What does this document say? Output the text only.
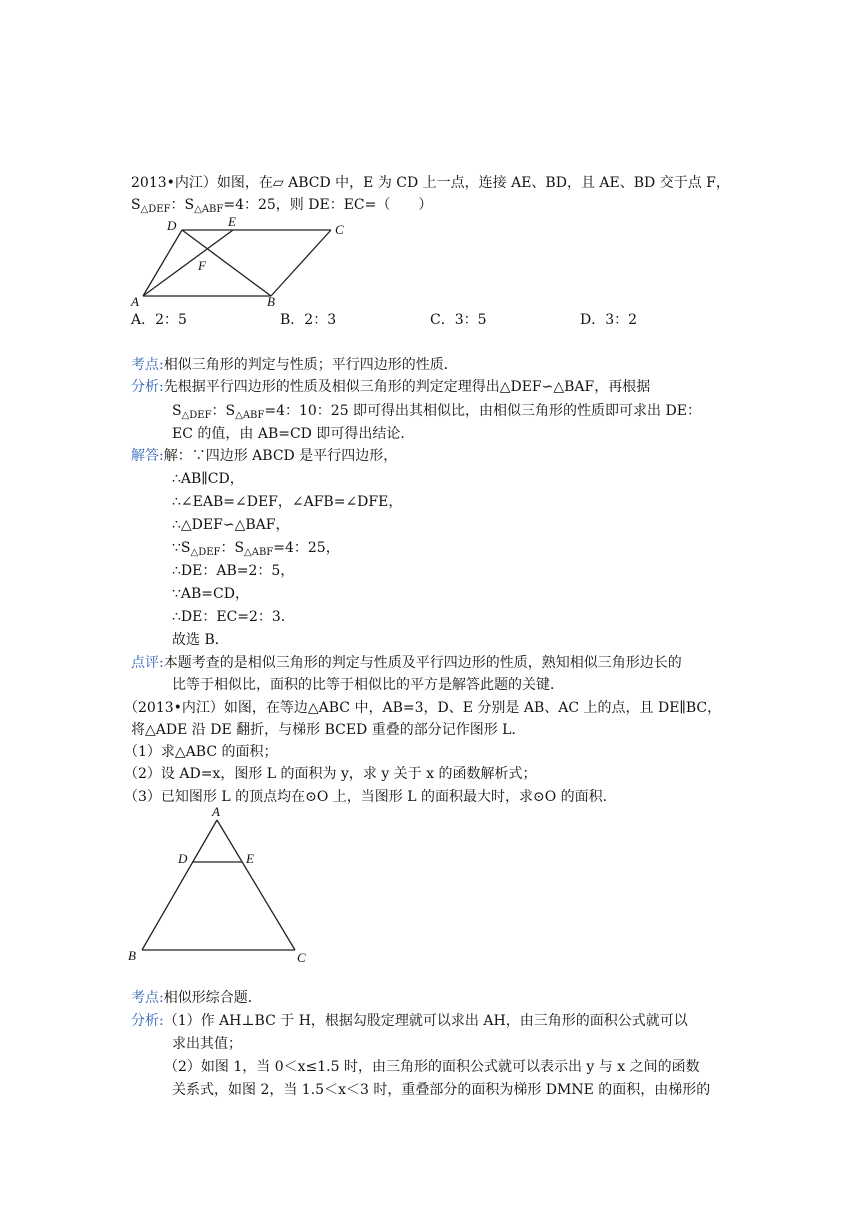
2013•内江）如图，在▱ ABCD 中，E 为 CD 上一点，连接 AE、BD，且 AE、BD 交于点 F，
$S_{\triangle DEF}$：$S_{\triangle ABF}=4$：25，则 DE：EC=（　　）
D	E
C
F
A	B
A．2：5	B．2：3	C．3：5	D．3：2
考点:相似三角形的判定与性质；平行四边形的性质．
分析:先根据平行四边形的性质及相似三角形的判定定理得出△DEF∽△BAF，再根据
$S_{\triangle DEF}$：$S_{\triangle ABF}=4$：10：25 即可得出其相似比，由相似三角形的性质即可求出 DE：
EC 的值，由 AB=CD 即可得出结论．
解答:解：∵四边形 ABCD 是平行四边形，
∴AB∥CD，
∴∠EAB=∠DEF，∠AFB=∠DFE，
∴△DEF∽△BAF，
$\because S_{\triangle DEF}$：$S_{\triangle ABF}=4$：25，
∴DE：AB=2：5，
∵AB=CD，
∴DE：EC=2：3．
故选 B．
点评:本题考查的是相似三角形的判定与性质及平行四边形的性质，熟知相似三角形边长的
比等于相似比，面积的比等于相似比的平方是解答此题的关键．
（2013•内江）如图，在等边△ABC 中，AB=3，D、E 分别是 AB、AC 上的点，且 DE∥BC，
将△ADE 沿 DE 翻折，与梯形 BCED 重叠的部分记作图形 L．
（1）求△ABC 的面积；
（2）设 AD=x，图形 L 的面积为 y，求 y 关于 x 的函数解析式；
（3）已知图形 L 的顶点均在⊙O 上，当图形 L 的面积最大时，求⊙O 的面积．
A
D	E
B	C
考点:相似形综合题．
分析:（1）作 AH⊥BC 于 H，根据勾股定理就可以求出 AH，由三角形的面积公式就可以
求出其值；
（2）如图 1，当 0＜x≤1.5 时，由三角形的面积公式就可以表示出 y 与 x 之间的函数
关系式，如图 2，当 1.5＜x＜3 时，重叠部分的面积为梯形 DMNE 的面积，由梯形的
